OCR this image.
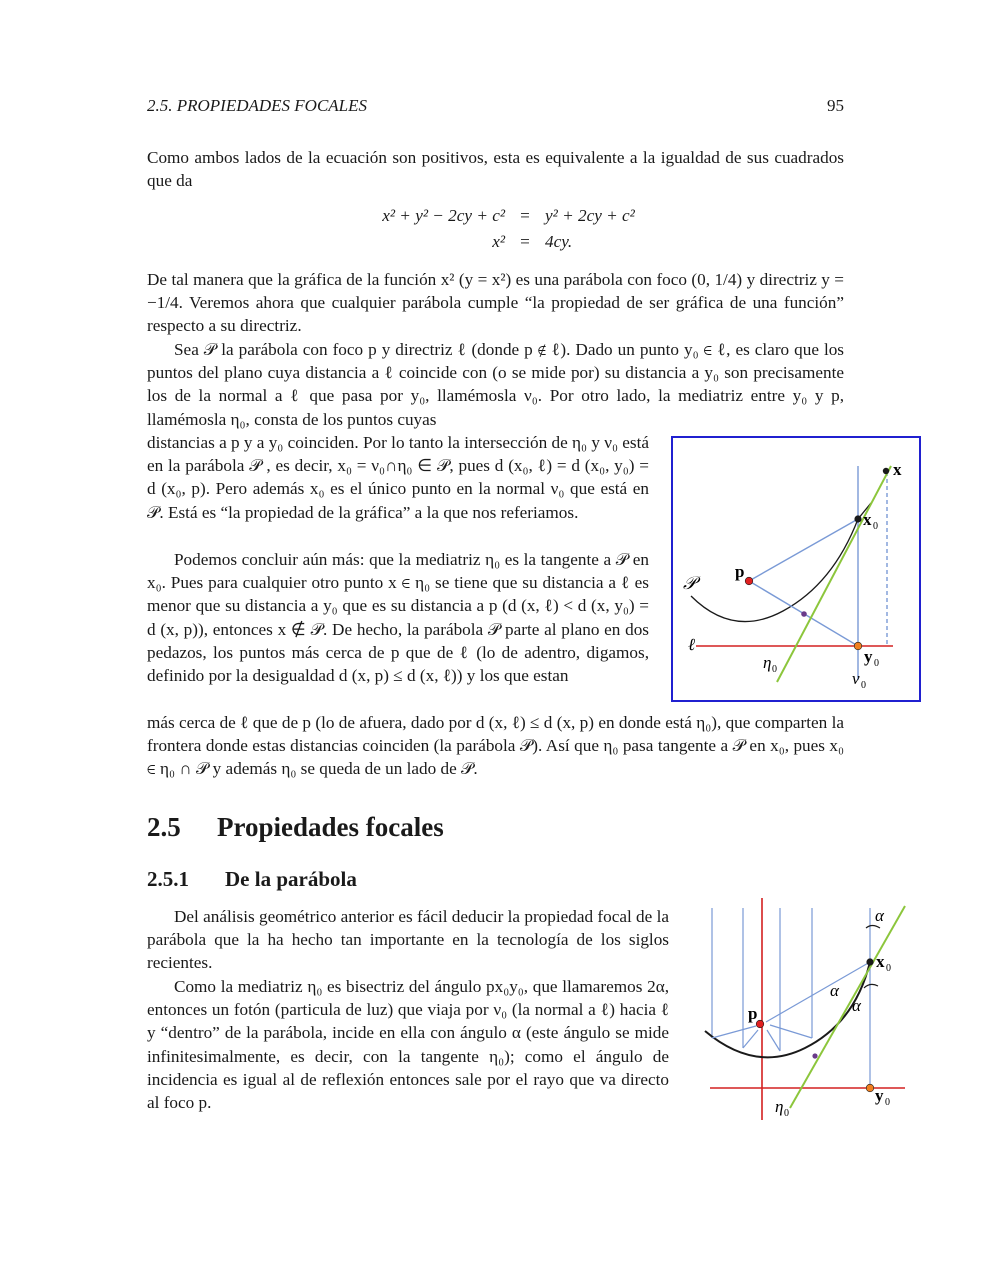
2.5. PROPIEDADES FOCALES	95

Como ambos lados de la ecuación son positivos, esta es equivalente a la igualdad de sus cuadrados que da

x² + y² − 2cy + c² = y² + 2cy + c²
x² = 4cy.

De tal manera que la gráfica de la función x² (y = x²) es una parábola con foco (0, 1/4) y directriz y = −1/4. Veremos ahora que cualquier parábola cumple “la propiedad de ser gráfica de una función” respecto a su directriz.

Sea 𝒫 la parábola con foco p y directriz ℓ (donde p ∉ ℓ). Dado un punto y₀ ∈ ℓ, es claro que los puntos del plano cuya distancia a ℓ coincide con (o se mide por) su distancia a y₀ son precisamente los de la normal a ℓ que pasa por y₀, llamémosla ν₀. Por otro lado, la mediatriz entre y₀ y p, llamémosla η₀, consta de los puntos cuyas

distancias a p y a y₀ coinciden. Por lo tanto la intersección de η₀ y ν₀ está en la parábola 𝒫 , es decir, x₀ = ν₀∩η₀ ∈ 𝒫, pues d (x₀, ℓ) = d (x₀, y₀) = d (x₀, p). Pero además x₀ es el único punto en la normal ν₀ que está en 𝒫. Está es “la propiedad de la gráfica” a la que nos referiamos.

Podemos concluir aún más: que la mediatriz η₀ es la tangente a 𝒫 en x₀. Pues para cualquier otro punto x ∈ η₀ se tiene que su distancia a ℓ es menor que su distancia a y₀ que es su distancia a p (d (x, ℓ) < d (x, y₀) = d (x, p)), entonces x ∉ 𝒫. De hecho, la parábola 𝒫 parte al plano en dos pedazos, los puntos más cerca de p que de ℓ (lo de adentro, digamos, definido por la desigualdad d (x, p) ≤ d (x, ℓ)) y los que estan

más cerca de ℓ que de p (lo de afuera, dado por d (x, ℓ) ≤ d (x, p) en donde está η₀), que comparten la frontera donde estas distancias coinciden (la parábola 𝒫). Así que η₀ pasa tangente a 𝒫 en x₀, pues x₀ ∈ η₀ ∩ 𝒫 y además η₀ se queda de un lado de 𝒫.

2.5 Propiedades focales
2.5.1 De la parábola

Del análisis geométrico anterior es fácil deducir la propiedad focal de la parábola que la ha hecho tan importante en la tecnología de los siglos recientes.

Como la mediatriz η₀ es bisectriz del ángulo px₀y₀, que llamaremos 2α, entonces un fotón (particula de luz) que viaja por ν₀ (la normal a ℓ) hacia ℓ y “dentro” de la parábola, incide en ella con ángulo α (este ángulo se mide infinitesimalmente, es decir, con la tangente η₀); como el ángulo de incidencia es igual al de reflexión entonces sale por el rayo que va directo al foco p.

x
x 0
p
𝒫
ℓ
y 0
η 0	ν 0
α
α
α
x 0
p
y 0
η 0
